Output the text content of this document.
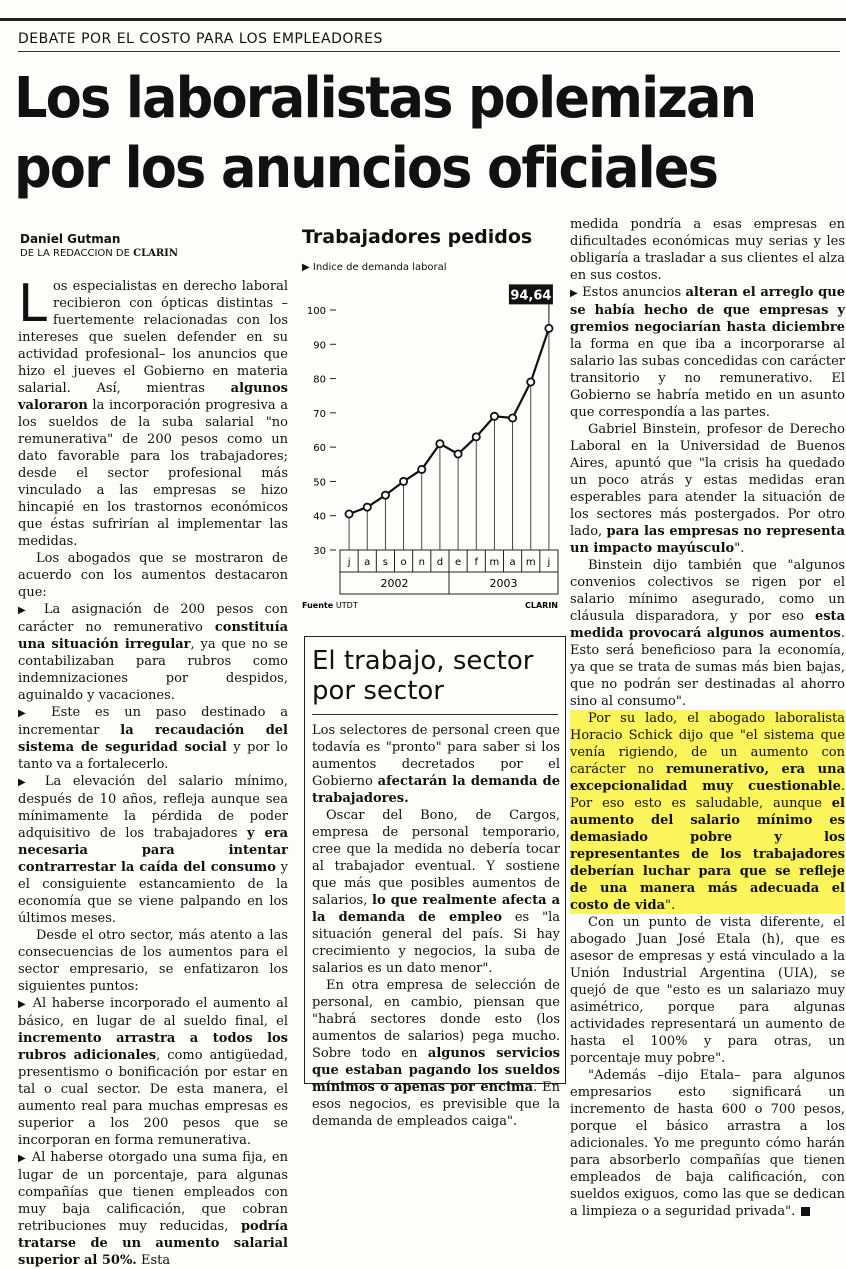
DEBATE POR EL COSTO PARA LOS EMPLEADORES
Los laboralistas polemizan
por los anuncios oficiales
Daniel Gutman
DE LA REDACCION DE CLARIN

Los especialistas en derecho laboral recibieron con ópticas distintas –fuertemente relacionadas con los intereses que suelen defender en su actividad profesional– los anuncios que hizo el jueves el Gobierno en materia salarial. Así, mientras algunos valoraron la incorporación progresiva a los sueldos de la suba salarial "no remunerativa" de 200 pesos como un dato favorable para los trabajadores; desde el sector profesional más vinculado a las empresas se hizo hincapié en los trastornos económicos que éstas sufrirían al implementar las medidas.

Los abogados que se mostraron de acuerdo con los aumentos destacaron que:

▶ La asignación de 200 pesos con carácter no remunerativo constituía una situación irregular, ya que no se contabilizaban para rubros como indemnizaciones por despidos, aguinaldo y vacaciones.

▶ Este es un paso destinado a incrementar la recaudación del sistema de seguridad social y por lo tanto va a fortalecerlo.

▶ La elevación del salario mínimo, después de 10 años, refleja aunque sea mínimamente la pérdida de poder adquisitivo de los trabajadores y era necesaria para intentar contrarrestar la caída del consumo y el consiguiente estancamiento de la economía que se viene palpando en los últimos meses.

Desde el otro sector, más atento a las consecuencias de los aumentos para el sector empresario, se enfatizaron los siguientes puntos:

▶ Al haberse incorporado el aumento al básico, en lugar de al sueldo final, el incremento arrastra a todos los rubros adicionales, como antigüedad, presentismo o bonificación por estar en tal o cual sector. De esta manera, el aumento real para muchas empresas es superior a los 200 pesos que se incorporan en forma remunerativa.

▶ Al haberse otorgado una suma fija, en lugar de un porcentaje, para algunas compañías que tienen empleados con muy baja calificación, que cobran retribuciones muy reducidas, podría tratarse de un aumento salarial superior al 50%. Esta

Trabajadores pedidos
▶ Indice de demanda laboral
30
40
50
60
70
80
90
100
j a s o n d e f m a m j
2002	2003
94,64
Fuente UTDT	CLARIN
El trabajo, sector por sector

Los selectores de personal creen que todavía es "pronto" para saber si los aumentos decretados por el Gobierno afectarán la demanda de trabajadores.

Oscar del Bono, de Cargos, empresa de personal temporario, cree que la medida no debería tocar al trabajador eventual. Y sostiene que más que posibles aumentos de salarios, lo que realmente afecta a la demanda de empleo es "la situación general del país. Si hay crecimiento y negocios, la suba de salarios es un dato menor".

En otra empresa de selección de personal, en cambio, piensan que "habrá sectores donde esto (los aumentos de salarios) pega mucho. Sobre todo en algunos servicios que estaban pagando los sueldos mínimos o apenas por encima. En esos negocios, es previsible que la demanda de empleados caiga".

medida pondría a esas empresas en dificultades económicas muy serias y les obligaría a trasladar a sus clientes el alza en sus costos.

▶ Estos anuncios alteran el arreglo que se había hecho de que empresas y gremios negociarían hasta diciembre la forma en que iba a incorporarse al salario las subas concedidas con carácter transitorio y no remunerativo. El Gobierno se habría metido en un asunto que correspondía a las partes.

Gabriel Binstein, profesor de Derecho Laboral en la Universidad de Buenos Aires, apuntó que "la crisis ha quedado un poco atrás y estas medidas eran esperables para atender la situación de los sectores más postergados. Por otro lado, para las empresas no representa un impacto mayúsculo".

Binstein dijo también que "algunos convenios colectivos se rigen por el salario mínimo asegurado, como un cláusula disparadora, y por eso esta medida provocará algunos aumentos. Esto será beneficioso para la economía, ya que se trata de sumas más bien bajas, que no podrán ser destinadas al ahorro sino al consumo".

Por su lado, el abogado laboralista Horacio Schick dijo que "el sistema que venía rigiendo, de un aumento con carácter no remunerativo, era una excepcionalidad muy cuestionable. Por eso esto es saludable, aunque el aumento del salario mínimo es demasiado pobre y los representantes de los trabajadores deberían luchar para que se refleje de una manera más adecuada el costo de vida".

Con un punto de vista diferente, el abogado Juan José Etala (h), que es asesor de empresas y está vinculado a la Unión Industrial Argentina (UIA), se quejó de que "esto es un salariazo muy asimétrico, porque para algunas actividades representará un aumento de hasta el 100% y para otras, un porcentaje muy pobre".

"Además –dijo Etala– para algunos empresarios esto significará un incremento de hasta 600 o 700 pesos, porque el básico arrastra a los adicionales. Yo me pregunto cómo harán para absorberlo compañías que tienen empleados de baja calificación, con sueldos exiguos, como las que se dedican a limpieza o a seguridad privada".
